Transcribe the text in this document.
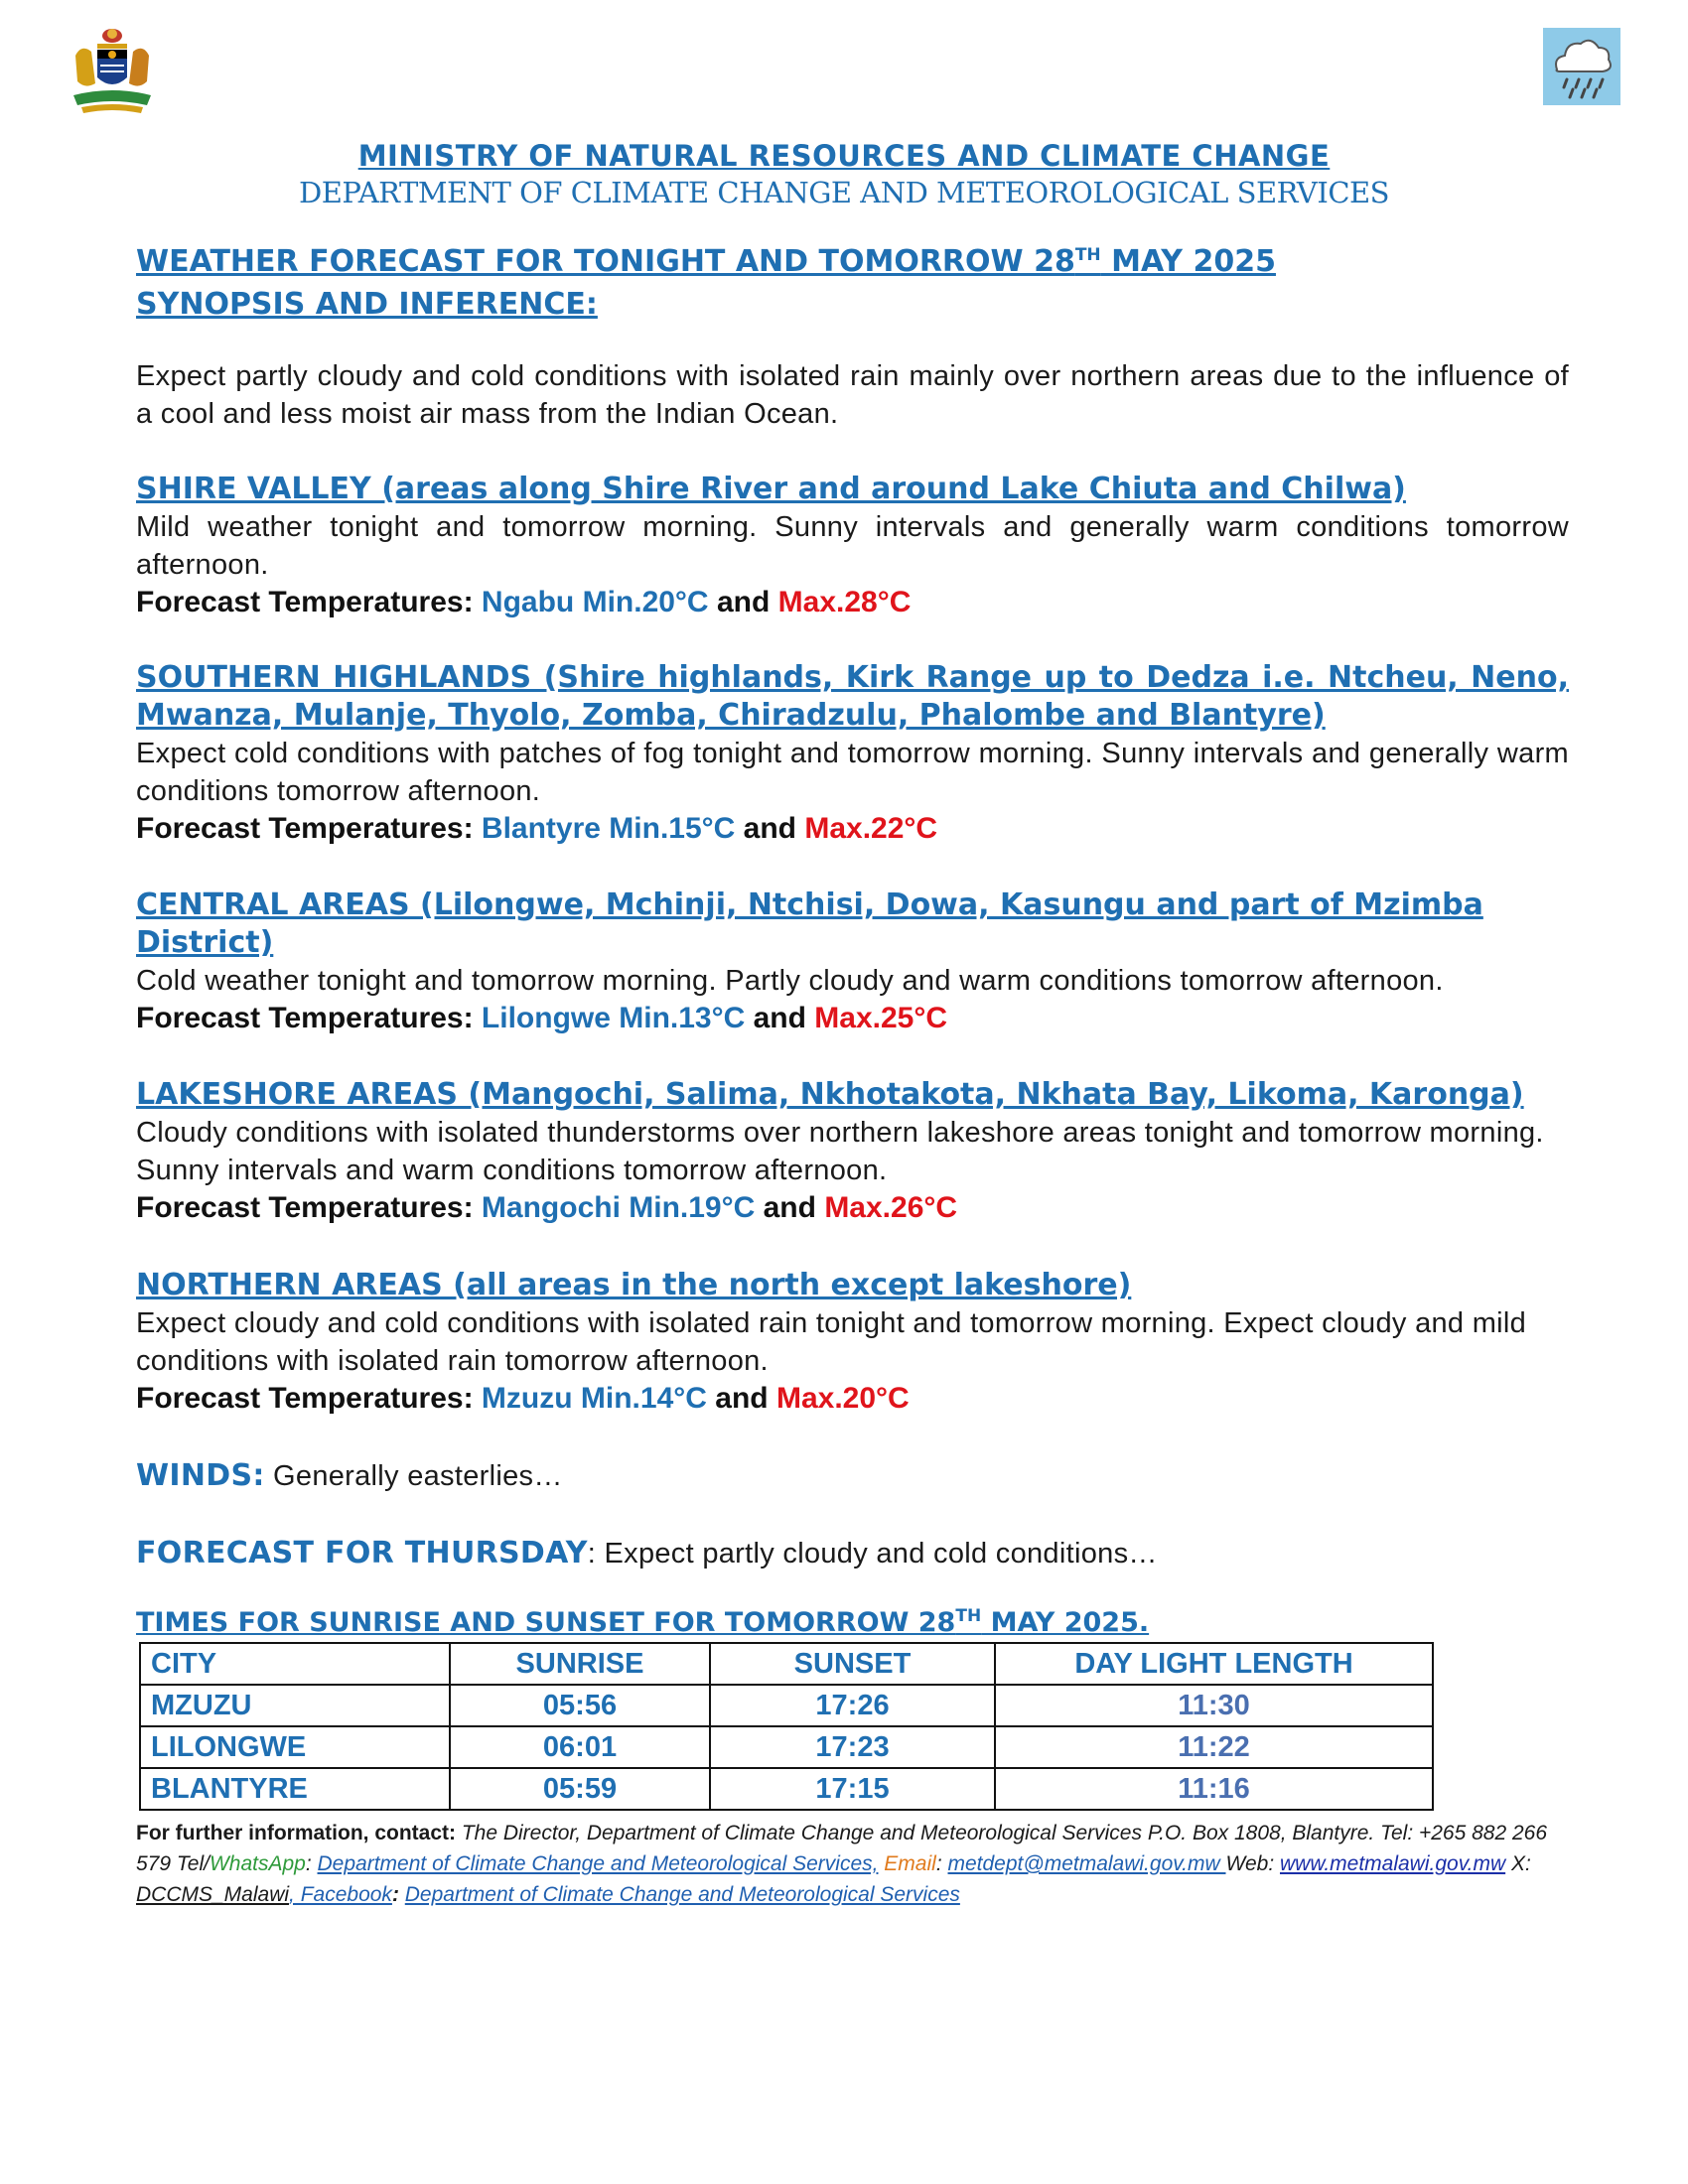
MINISTRY OF NATURAL RESOURCES AND CLIMATE CHANGE
DEPARTMENT OF CLIMATE CHANGE AND METEOROLOGICAL SERVICES
WEATHER FORECAST FOR TONIGHT AND TOMORROW 28TH MAY 2025
SYNOPSIS AND INFERENCE:
Expect partly cloudy and cold conditions with isolated rain mainly over northern areas due to the influence of a cool and less moist air mass from the Indian Ocean.
SHIRE VALLEY (areas along Shire River and around Lake Chiuta and Chilwa)
Mild weather tonight and tomorrow morning. Sunny intervals and generally warm conditions tomorrow afternoon.
Forecast Temperatures: Ngabu Min.20°C and Max.28°C
SOUTHERN HIGHLANDS (Shire highlands, Kirk Range up to Dedza i.e. Ntcheu, Neno, Mwanza, Mulanje, Thyolo, Zomba, Chiradzulu, Phalombe and Blantyre)
Expect cold conditions with patches of fog tonight and tomorrow morning. Sunny intervals and generally warm conditions tomorrow afternoon.
Forecast Temperatures: Blantyre Min.15°C and Max.22°C
CENTRAL AREAS (Lilongwe, Mchinji, Ntchisi, Dowa, Kasungu and part of Mzimba District)
Cold weather tonight and tomorrow morning. Partly cloudy and warm conditions tomorrow afternoon.
Forecast Temperatures: Lilongwe Min.13°C and Max.25°C
LAKESHORE AREAS (Mangochi, Salima, Nkhotakota, Nkhata Bay, Likoma, Karonga)
Cloudy conditions with isolated thunderstorms over northern lakeshore areas tonight and tomorrow morning. Sunny intervals and warm conditions tomorrow afternoon.
Forecast Temperatures: Mangochi Min.19°C and Max.26°C
NORTHERN AREAS (all areas in the north except lakeshore)
Expect cloudy and cold conditions with isolated rain tonight and tomorrow morning. Expect cloudy and mild conditions with isolated rain tomorrow afternoon.
Forecast Temperatures: Mzuzu Min.14°C and Max.20°C
WINDS: Generally easterlies…
FORECAST FOR THURSDAY: Expect partly cloudy and cold conditions…
TIMES FOR SUNRISE AND SUNSET FOR TOMORROW 28TH MAY 2025.
CITY	SUNRISE	SUNSET	DAY LIGHT LENGTH
MZUZU	05:56	17:26	11:30
LILONGWE	06:01	17:23	11:22
BLANTYRE	05:59	17:15	11:16
For further information, contact: The Director, Department of Climate Change and Meteorological Services P.O. Box 1808, Blantyre. Tel: +265 882 266 579 Tel/WhatsApp: Department of Climate Change and Meteorological Services, Email: metdept@metmalawi.gov.mw Web: www.metmalawi.gov.mw X: DCCMS_Malawi, Facebook: Department of Climate Change and Meteorological Services
